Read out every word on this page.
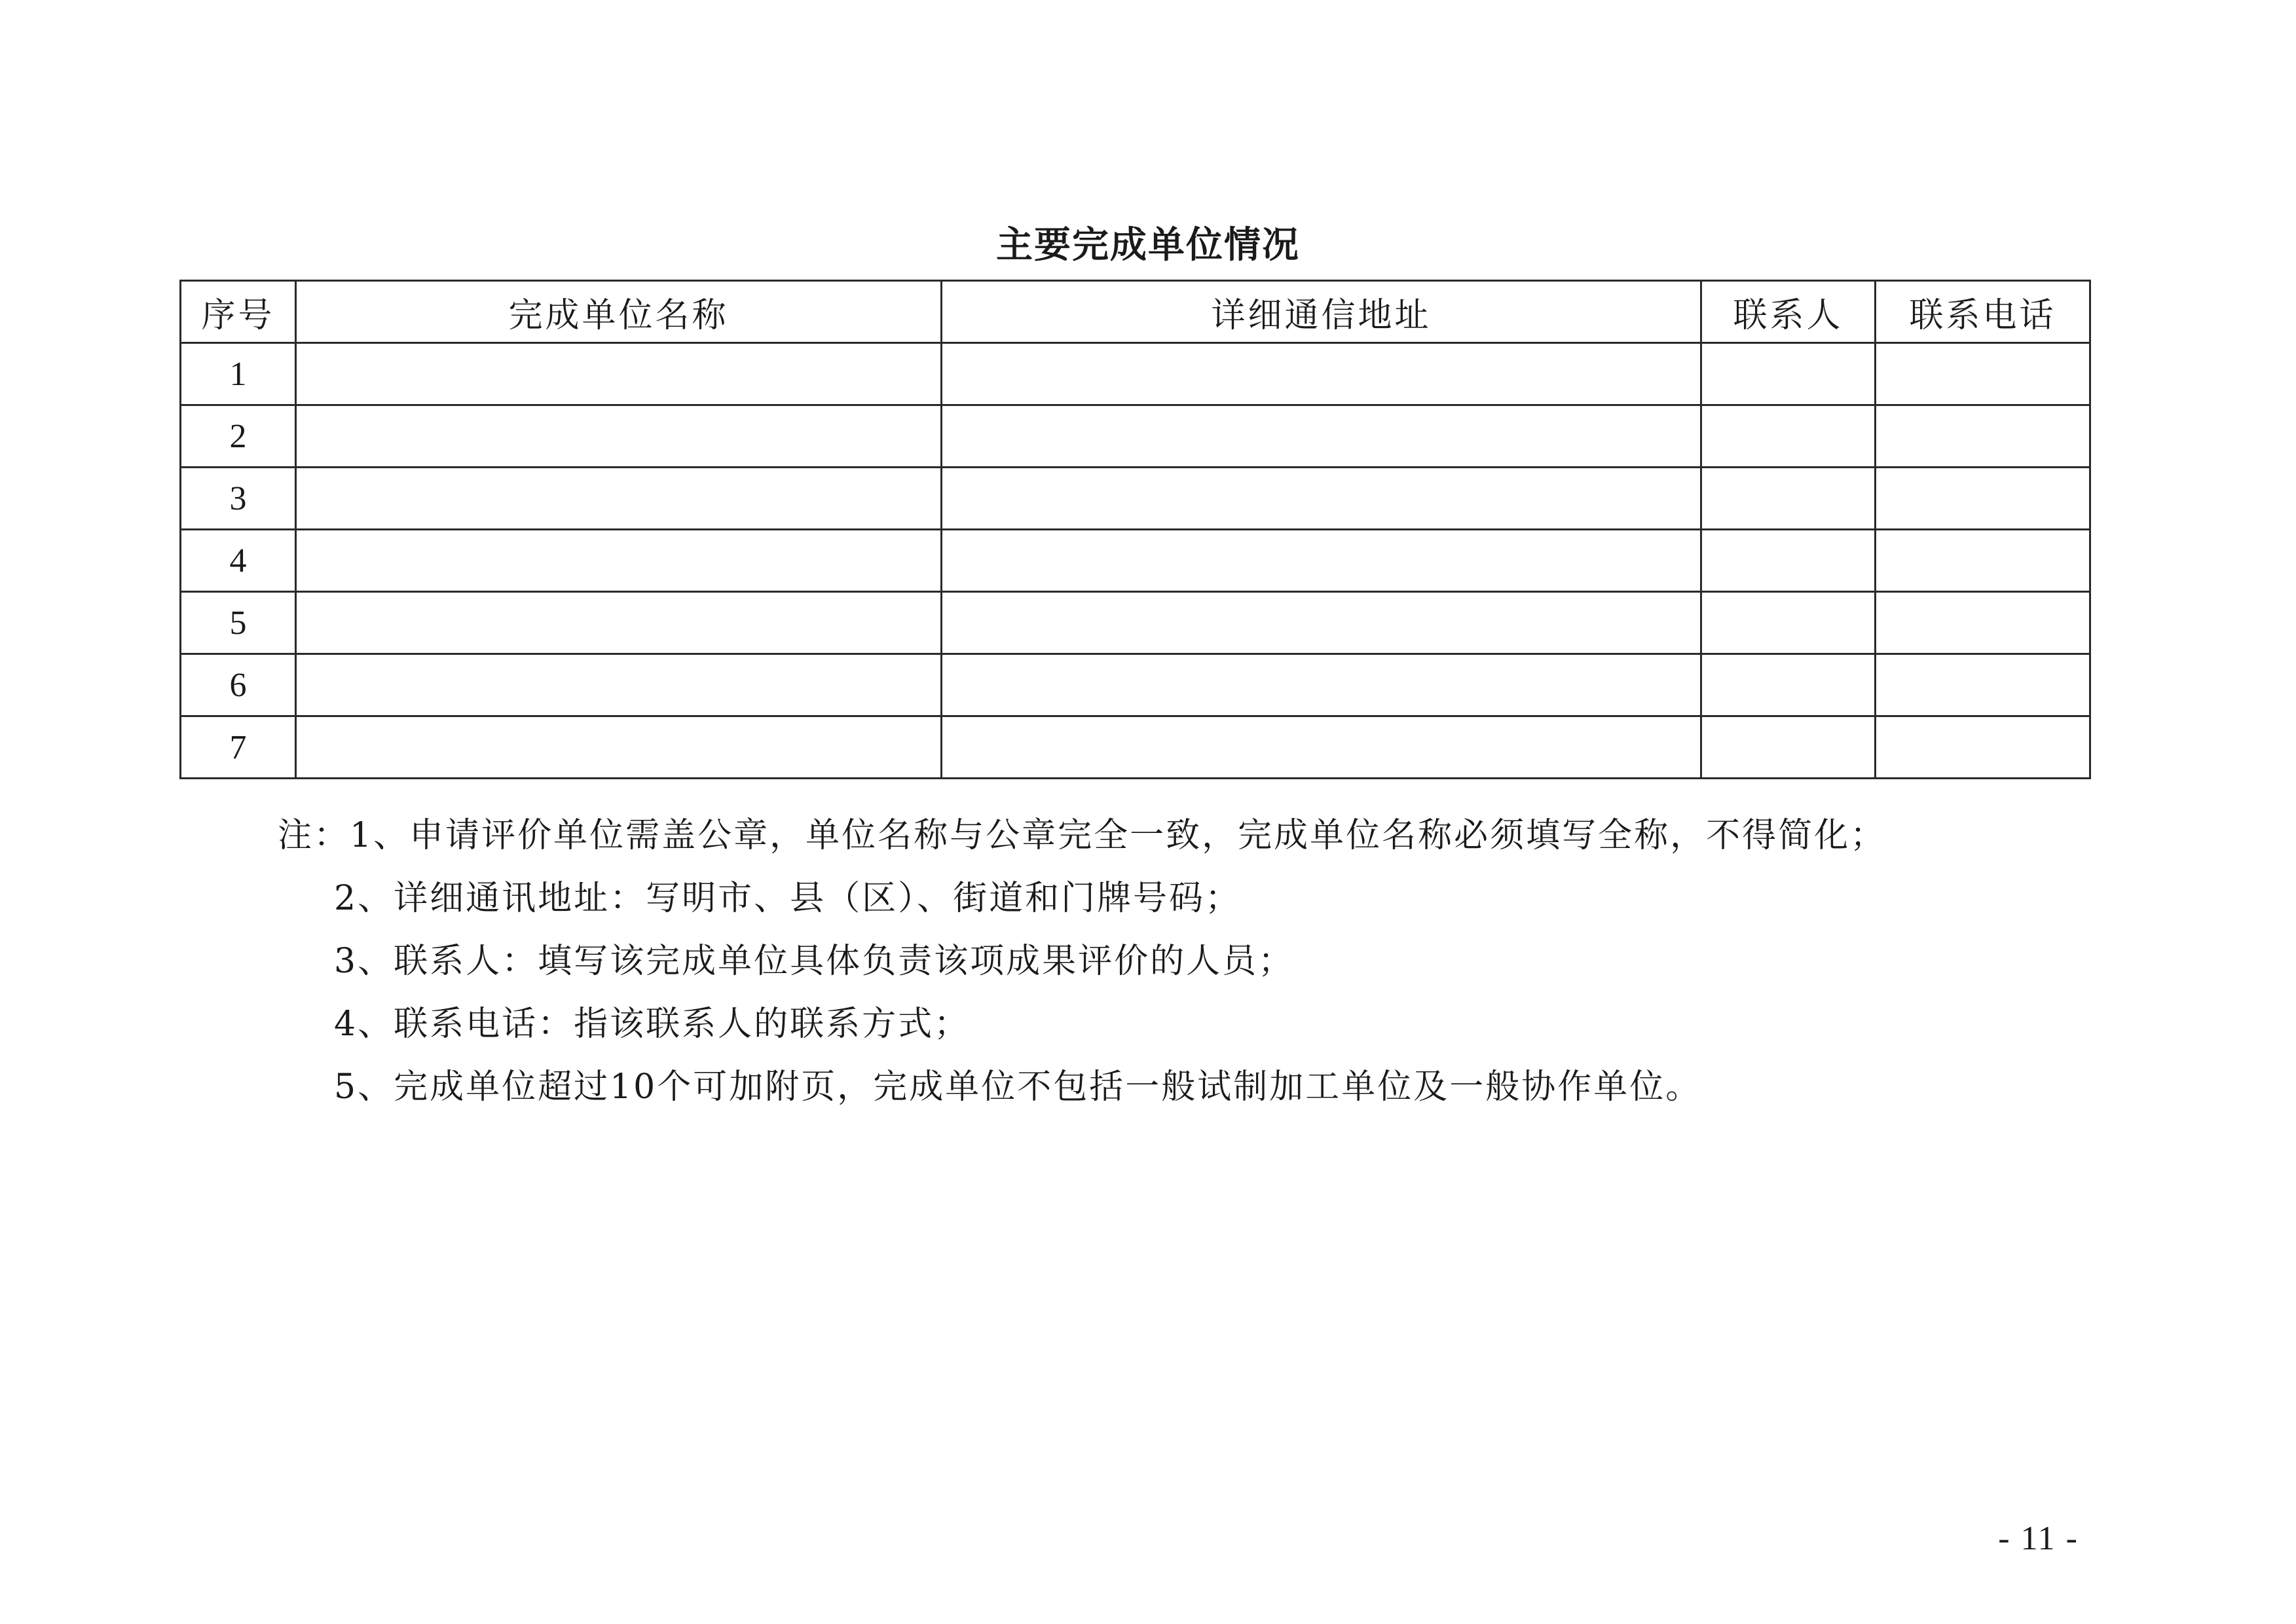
主要完成单位情况
序号	完成单位名称	详细通信地址	联系人	联系电话
1				
2				
3				
4				
5				
6				
7				
注：1、申请评价单位需盖公章，单位名称与公章完全一致，完成单位名称必须填写全称，不得简化；
2、详细通讯地址：写明市、县（区）、街道和门牌号码；
3、联系人：填写该完成单位具体负责该项成果评价的人员；
4、联系电话：指该联系人的联系方式；
5、完成单位超过10个可加附页，完成单位不包括一般试制加工单位及一般协作单位。
- 11 -
